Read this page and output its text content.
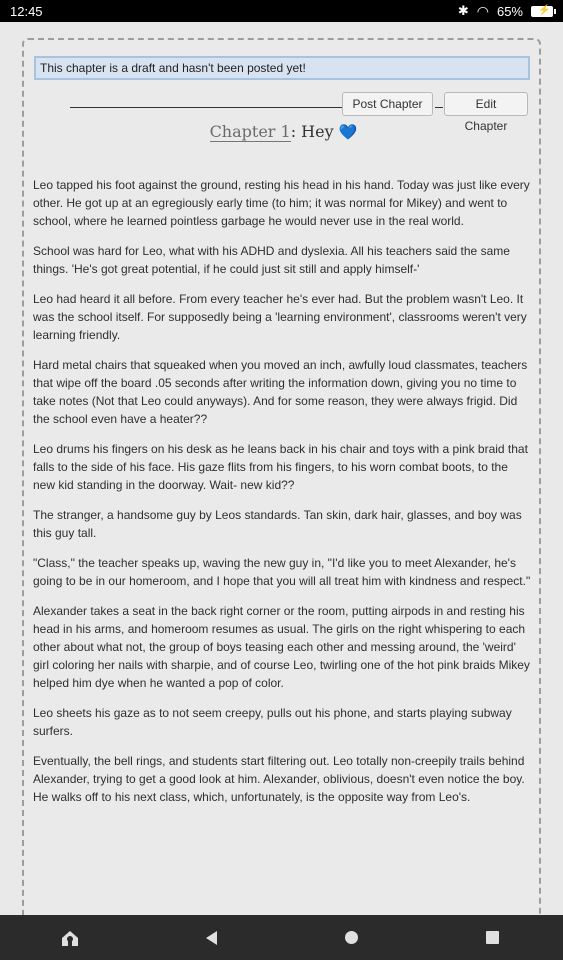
12:45	✱ ◠ 65% ⚡
This chapter is a draft and hasn't been posted yet!
Post Chapter	Edit Chapter
Chapter 1: Hey 💙

Leo tapped his foot against the ground, resting his head in his hand. Today was just like every other. He got up at an egregiously early time (to him; it was normal for Mikey) and went to school, where he learned pointless garbage he would never use in the real world.

School was hard for Leo, what with his ADHD and dyslexia. All his teachers said the same things. 'He's got great potential, if he could just sit still and apply himself-'

Leo had heard it all before. From every teacher he's ever had. But the problem wasn't Leo. It was the school itself. For supposedly being a 'learning environment', classrooms weren't very learning friendly.

Hard metal chairs that squeaked when you moved an inch, awfully loud classmates, teachers that wipe off the board .05 seconds after writing the information down, giving you no time to take notes (Not that Leo could anyways). And for some reason, they were always frigid. Did the school even have a heater??

Leo drums his fingers on his desk as he leans back in his chair and toys with a pink braid that falls to the side of his face. His gaze flits from his fingers, to his worn combat boots, to the new kid standing in the doorway. Wait- new kid??

The stranger, a handsome guy by Leos standards. Tan skin, dark hair, glasses, and boy was this guy tall.

"Class," the teacher speaks up, waving the new guy in, "I'd like you to meet Alexander, he's going to be in our homeroom, and I hope that you will all treat him with kindness and respect."

Alexander takes a seat in the back right corner or the room, putting airpods in and resting his head in his arms, and homeroom resumes as usual. The girls on the right whispering to each other about what not, the group of boys teasing each other and messing around, the 'weird' girl coloring her nails with sharpie, and of course Leo, twirling one of the hot pink braids Mikey helped him dye when he wanted a pop of color.

Leo sheets his gaze as to not seem creepy, pulls out his phone, and starts playing subway surfers.

Eventually, the bell rings, and students start filtering out. Leo totally non-creepily trails behind Alexander, trying to get a good look at him. Alexander, oblivious, doesn't even notice the boy. He walks off to his next class, which, unfortunately, is the opposite way from Leo's.
